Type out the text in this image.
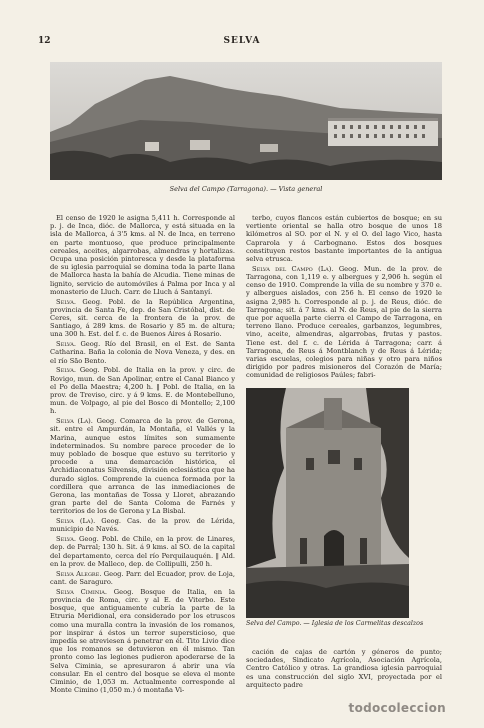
12	SELVA
Selva del Campo (Tarragona). — Vista general

El censo de 1920 le asigna 5,411 h. Corresponde al p. j. de Inca, dióc. de Mallorca, y está situada en la isla de Mallorca, á 3'5 kms. al N. de Inca, en terreno en parte montuoso, que produce principalmente cereales, aceites, algarrobas, almendras y hortalizas. Ocupa una posición pintoresca y desde la plataforma de su iglesia parroquial se domina toda la parte llana de Mallorca hasta la bahía de Alcudia. Tiene minas de lignito, servicio de automóviles á Palma por Inca y al monasterio de Lluch. Carr. de Lluch á Santanyí.

Selva. Geog. Pobl. de la República Argentina, provincia de Santa Fe, dep. de San Cristóbal, dist. de Ceres, sit. cerca de la frontera de la prov. de Santiago, á 289 kms. de Rosario y 85 m. de altura; una 300 h. Est. del f. c. de Buenos Aires á Rosario.

Selva. Geog. Río del Brasil, en el Est. de Santa Catharina. Baña la colonia de Nova Veneza, y des. en el río São Bento.

Selva. Geog. Pobl. de Italia en la prov. y circ. de Rovigo, mun. de San Apolinar, entre el Canal Bianco y el Po della Maestra; 4,200 h. ‖ Pobl. de Italia, en la prov. de Treviso, circ. y á 9 kms. E. de Montebelluno, mun. de Volpago, al pie del Bosco di Montello; 2,100 h.

Selva (La). Geog. Comarca de la prov. de Gerona, sit. entre el Ampurdán, la Montaña, el Vallés y la Marina, aunque estos límites son sumamente indeterminados. Su nombre parece proceder de lo muy poblado de bosque que estuvo su territorio y procede a una demarcación histórica, el Archidiaconatus Silvensis, división eclesiástica que ha durado siglos. Comprende la cuenca formada por la cordillera que arranca de las inmediaciones de Gerona, las montañas de Tossa y Lloret, abrazando gran parte del de Santa Coloma de Farnés y territorios de los de Gerona y La Bisbal.

Selva (La). Geog. Cas. de la prov. de Lérida, municipio de Navés.

Selva. Geog. Pobl. de Chile, en la prov. de Linares, dep. de Parral; 130 h. Sit. á 9 kms. al SO. de la capital del departamento, cerca del río Perquilauquén. ‖ Ald. en la prov. de Malleco, dep. de Collipulli, 250 h.

Selva Alegre. Geog. Parr. del Ecuador, prov. de Loja, cant. de Saraguro.

Selva Ciminia. Geog. Bosque de Italia, en la provincia de Roma, circ. y al E. de Viterbo. Este bosque, que antiguamente cubría la parte de la Etruria Meridional, era considerado por los etruscos como una muralla contra la invasión de los romanos, por inspirar á éstos un terror supersticioso, que impedía se atreviesen á penetrar en él. Tito Livio dice que los romanos se detuvieron en él mismo. Tan pronto como las legiones pudieron apoderarse de la Selva Ciminia, se apresuraron á abrir una vía consular. En el centro del bosque se eleva el monte Ciminio, de 1,053 m. Actualmente corresponde al Monte Cimino (1,050 m.) ó montaña Vi-

terbo, cuyos flancos están cubiertos de bosque; en su vertiente oriental se halla otro bosque de unos 18 kilómetros al SO. por el N. y el O. del lago Vico, hasta Caprarola y á Carbognano. Estos dos bosques constituyen restos bastante importantes de la antigua selva etrusca.

Selva del Campo (La). Geog. Mun. de la prov. de Tarragona, con 1,119 e. y albergues y 2,906 h. según el censo de 1910. Comprende la villa de su nombre y 370 e. y albergues aislados, con 256 h. El censo de 1920 le asigna 2,985 h. Corresponde al p. j. de Reus, dióc. de Tarragona; sit. á 7 kms. al N. de Reus, al pie de la sierra que por aquella parte cierra el Campo de Tarragona, en terreno llano. Produce cereales, garbanzos, legumbres, vino, aceite, almendras, algarrobas, frutas y pastos. Tiene est. del f. c. de Lérida á Tarragona; carr. á Tarragona, de Reus á Montblanch y de Reus á Lérida; varias escuelas, colegios para niñas y otro para niños dirigido por padres misioneros del Corazón de María; comunidad de religiosos Paúles; fabri-

Selva del Campo. — Iglesia de los Carmelitas descalzos

cación de cajas de cartón y géneros de punto; sociedades, Sindicato Agrícola, Asociación Agrícola, Centro Católico y otras. La grandiosa iglesia parroquial es una construcción del siglo XVI, proyectada por el arquitecto padre

todocoleccion
